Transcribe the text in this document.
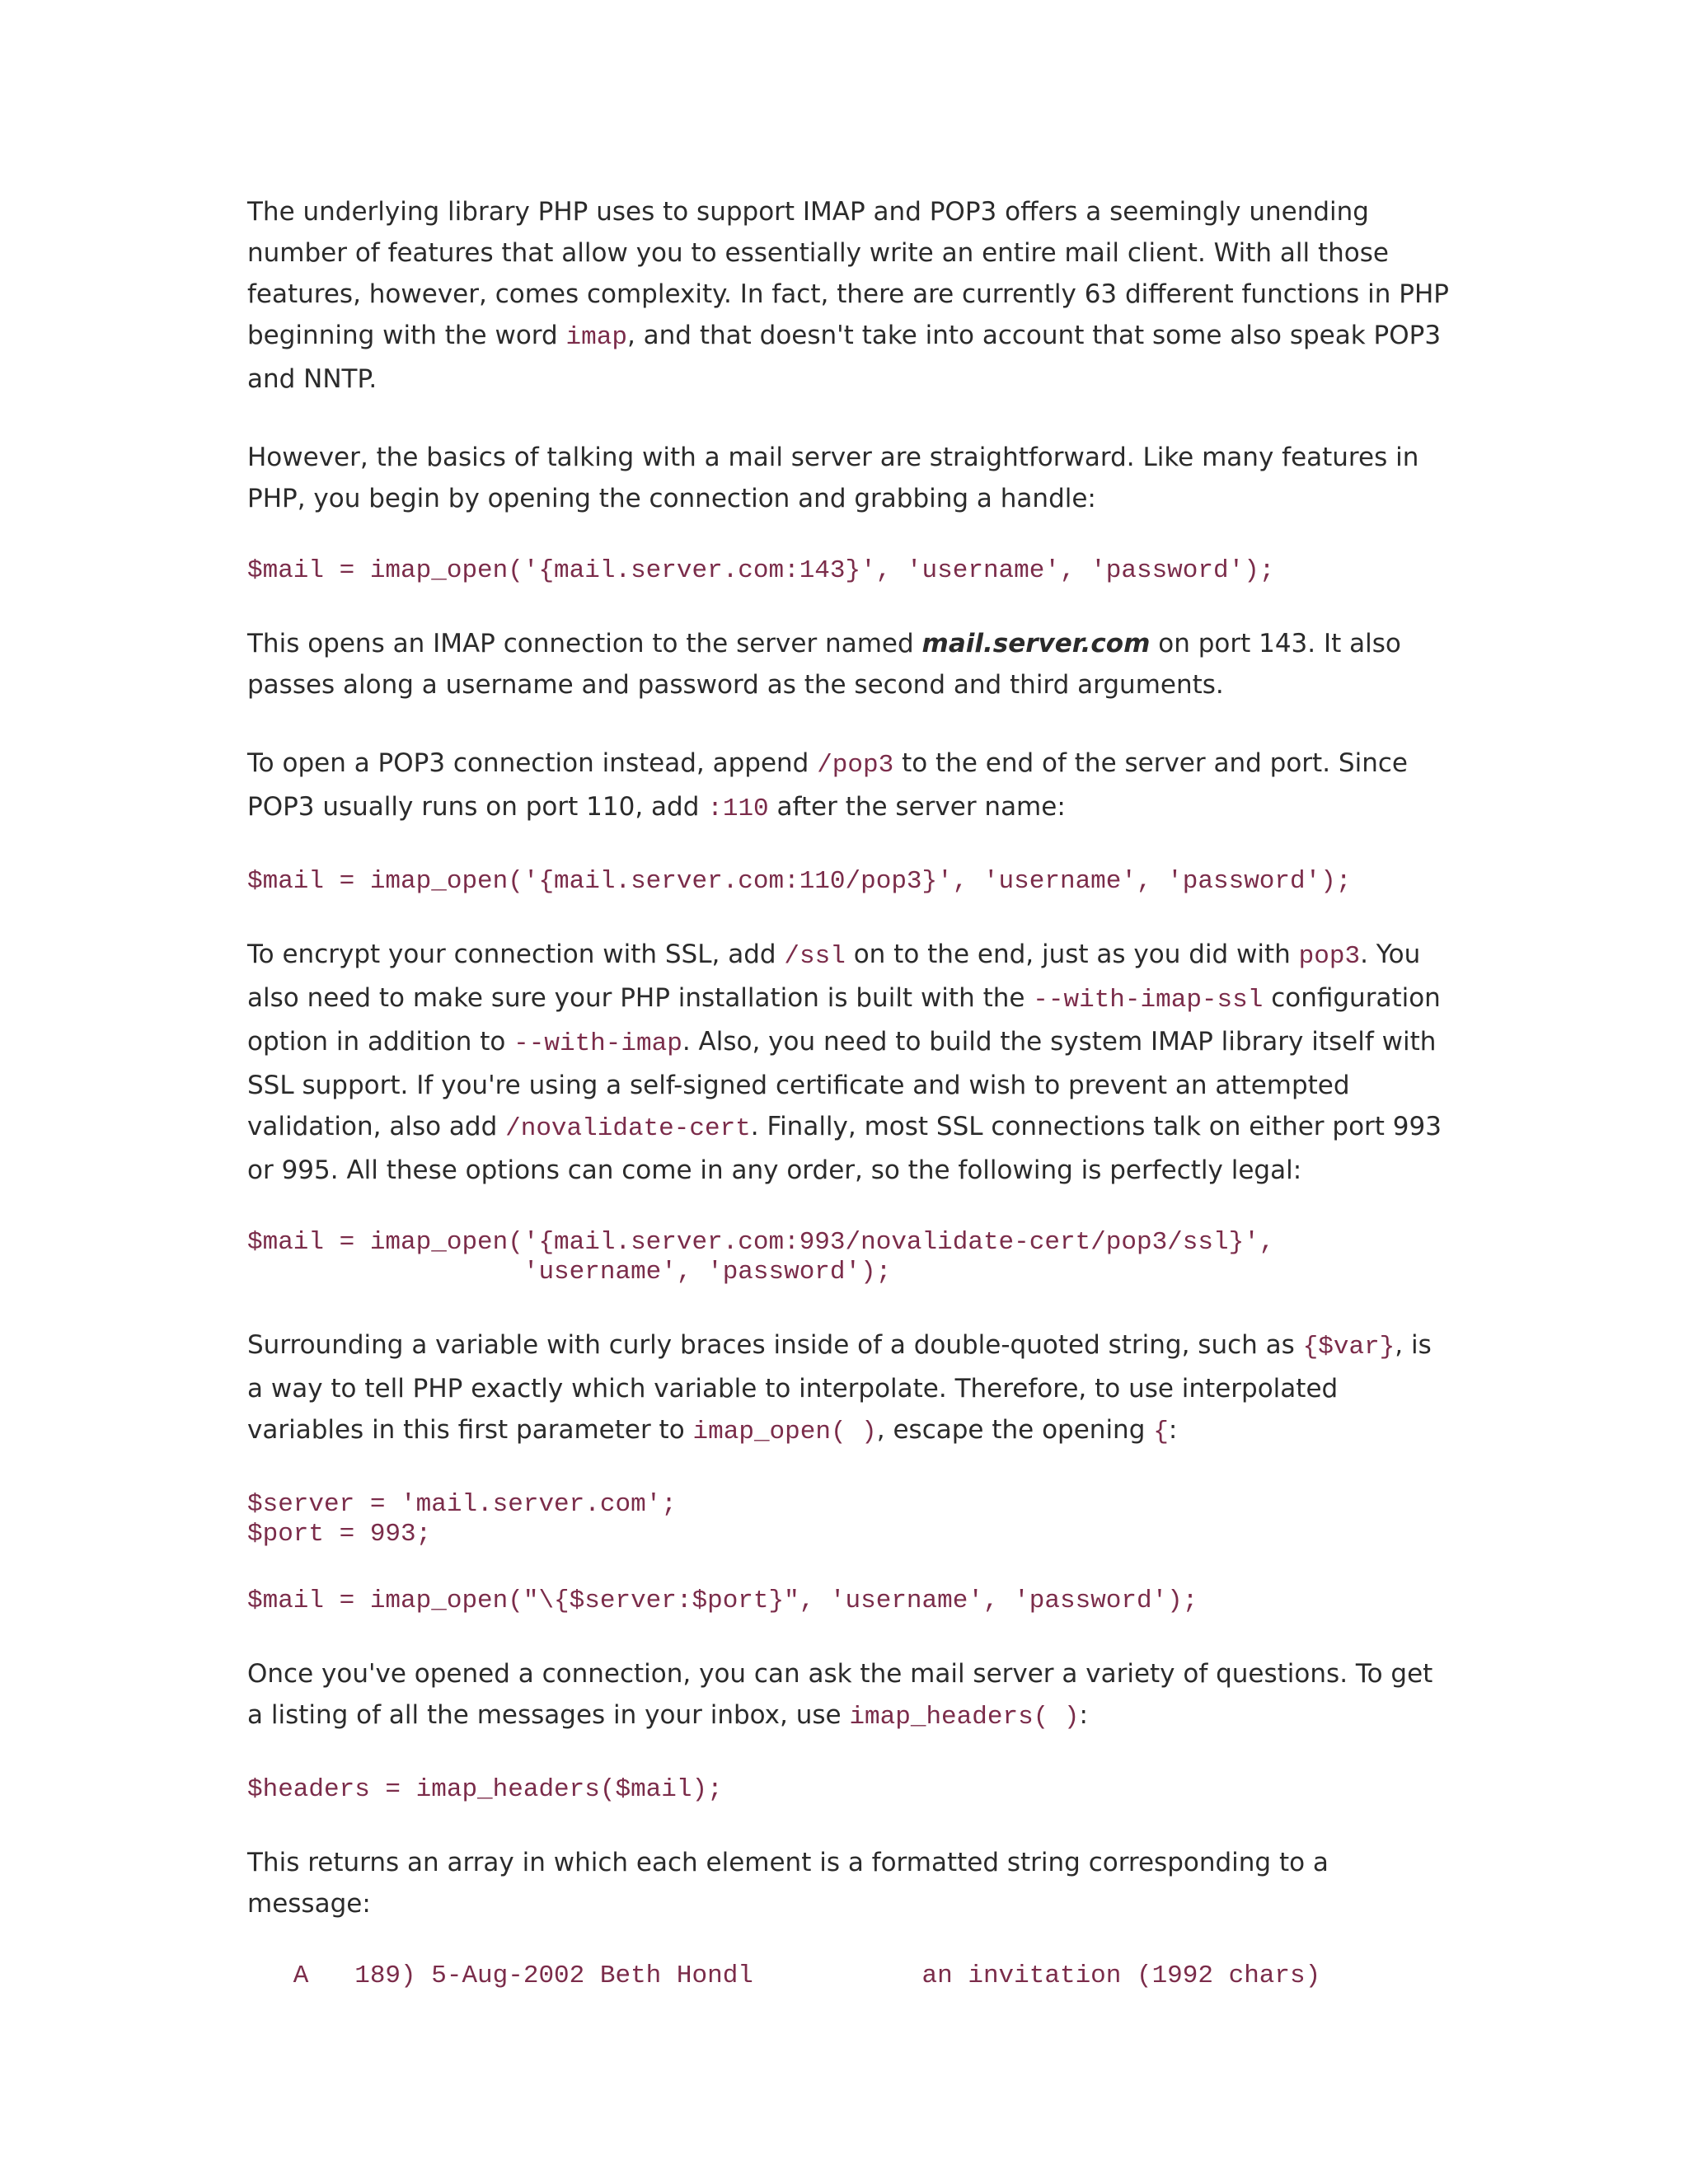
The underlying library PHP uses to support IMAP and POP3 offers a seemingly unending number of features that allow you to essentially write an entire mail client. With all those features, however, comes complexity. In fact, there are currently 63 different functions in PHP beginning with the word imap, and that doesn't take into account that some also speak POP3 and NNTP.

However, the basics of talking with a mail server are straightforward. Like many features in PHP, you begin by opening the connection and grabbing a handle:

$mail = imap_open('{mail.server.com:143}', 'username', 'password');

This opens an IMAP connection to the server named mail.server.com on port 143. It also passes along a username and password as the second and third arguments.

To open a POP3 connection instead, append /pop3 to the end of the server and port. Since POP3 usually runs on port 110, add :110 after the server name:

$mail = imap_open('{mail.server.com:110/pop3}', 'username', 'password');

To encrypt your connection with SSL, add /ssl on to the end, just as you did with pop3. You also need to make sure your PHP installation is built with the --with-imap-ssl configuration option in addition to --with-imap. Also, you need to build the system IMAP library itself with SSL support. If you're using a self-signed certificate and wish to prevent an attempted validation, also add /novalidate-cert. Finally, most SSL connections talk on either port 993 or 995. All these options can come in any order, so the following is perfectly legal:

$mail = imap_open('{mail.server.com:993/novalidate-cert/pop3/ssl}',
'username', 'password');

Surrounding a variable with curly braces inside of a double-quoted string, such as {$var}, is a way to tell PHP exactly which variable to interpolate. Therefore, to use interpolated variables in this first parameter to imap_open( ), escape the opening {:

$server = 'mail.server.com';
$port = 993;
$mail = imap_open("\{$server:$port}", 'username', 'password');

Once you've opened a connection, you can ask the mail server a variety of questions. To get a listing of all the messages in your inbox, use imap_headers( ):

$headers = imap_headers($mail);

This returns an array in which each element is a formatted string corresponding to a message:

A   189) 5-Aug-2002 Beth Hondl           an invitation (1992 chars)
